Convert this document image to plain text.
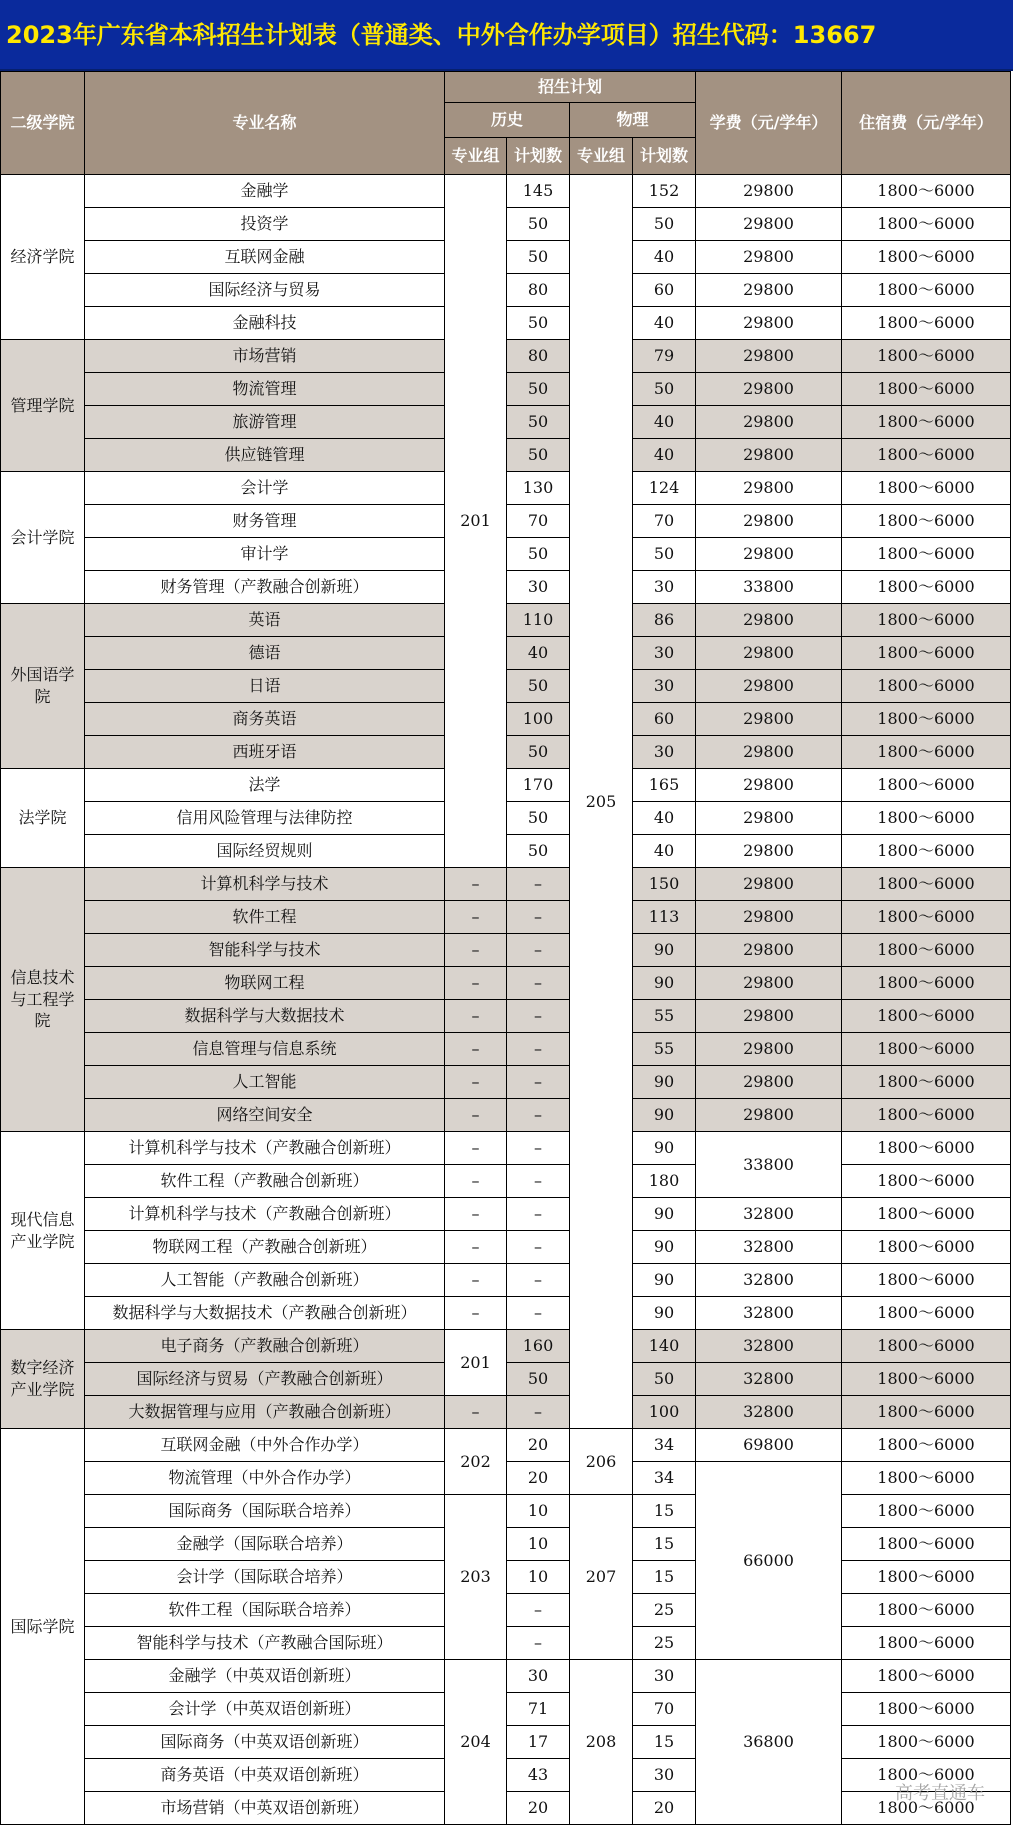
2023年广东省本科招生计划表（普通类、中外合作办学项目）招生代码：13667
二级学院	专业名称	招生计划				学费（元/学年）	住宿费（元/学年）
		历史		物理			
		专业组	计划数	专业组	计划数		
经济学院	金融学	201	145	205	152	29800	1800～6000
	投资学		50		50	29800	1800～6000
	互联网金融		50		40	29800	1800～6000
	国际经济与贸易		80		60	29800	1800～6000
	金融科技		50		40	29800	1800～6000
管理学院	市场营销		80		79	29800	1800～6000
	物流管理		50		50	29800	1800～6000
	旅游管理		50		40	29800	1800～6000
	供应链管理		50		40	29800	1800～6000
会计学院	会计学		130		124	29800	1800～6000
	财务管理		70		70	29800	1800～6000
	审计学		50		50	29800	1800～6000
	财务管理（产教融合创新班）		30		30	33800	1800～6000
外国语学院	英语		110		86	29800	1800～6000
	德语		40		30	29800	1800～6000
	日语		50		30	29800	1800～6000
	商务英语		100		60	29800	1800～6000
	西班牙语		50		30	29800	1800～6000
法学院	法学		170		165	29800	1800～6000
	信用风险管理与法律防控		50		40	29800	1800～6000
	国际经贸规则		50		40	29800	1800～6000
信息技术与工程学院	计算机科学与技术	–	–		150	29800	1800～6000
	软件工程	–	–		113	29800	1800～6000
	智能科学与技术	–	–		90	29800	1800～6000
	物联网工程	–	–		90	29800	1800～6000
	数据科学与大数据技术	–	–		55	29800	1800～6000
	信息管理与信息系统	–	–		55	29800	1800～6000
	人工智能	–	–		90	29800	1800～6000
	网络空间安全	–	–		90	29800	1800～6000
现代信息产业学院	计算机科学与技术（产教融合创新班）	–	–		90	33800	1800～6000
	软件工程（产教融合创新班）	–	–		180		1800～6000
	计算机科学与技术（产教融合创新班）	–	–		90	32800	1800～6000
	物联网工程（产教融合创新班）	–	–		90	32800	1800～6000
	人工智能（产教融合创新班）	–	–		90	32800	1800～6000
	数据科学与大数据技术（产教融合创新班）	–	–		90	32800	1800～6000
数字经济产业学院	电子商务（产教融合创新班）	201	160		140	32800	1800～6000
	国际经济与贸易（产教融合创新班）		50		50	32800	1800～6000
	大数据管理与应用（产教融合创新班）	–	–		100	32800	1800～6000
国际学院	互联网金融（中外合作办学）	202	20	206	34	69800	1800～6000
	物流管理（中外合作办学）		20		34	66000	1800～6000
	国际商务（国际联合培养）	203	10	207	15		1800～6000
	金融学（国际联合培养）		10		15		1800～6000
	会计学（国际联合培养）		10		15		1800～6000
	软件工程（国际联合培养）		–		25		1800～6000
	智能科学与技术（产教融合国际班）		–		25		1800～6000
	金融学（中英双语创新班）	204	30	208	30	36800	1800～6000
	会计学（中英双语创新班）		71		70		1800～6000
	国际商务（中英双语创新班）		17		15		1800～6000
	商务英语（中英双语创新班）		43		30		1800～6000
	市场营销（中英双语创新班）		20		20		1800～6000
高考直通车
